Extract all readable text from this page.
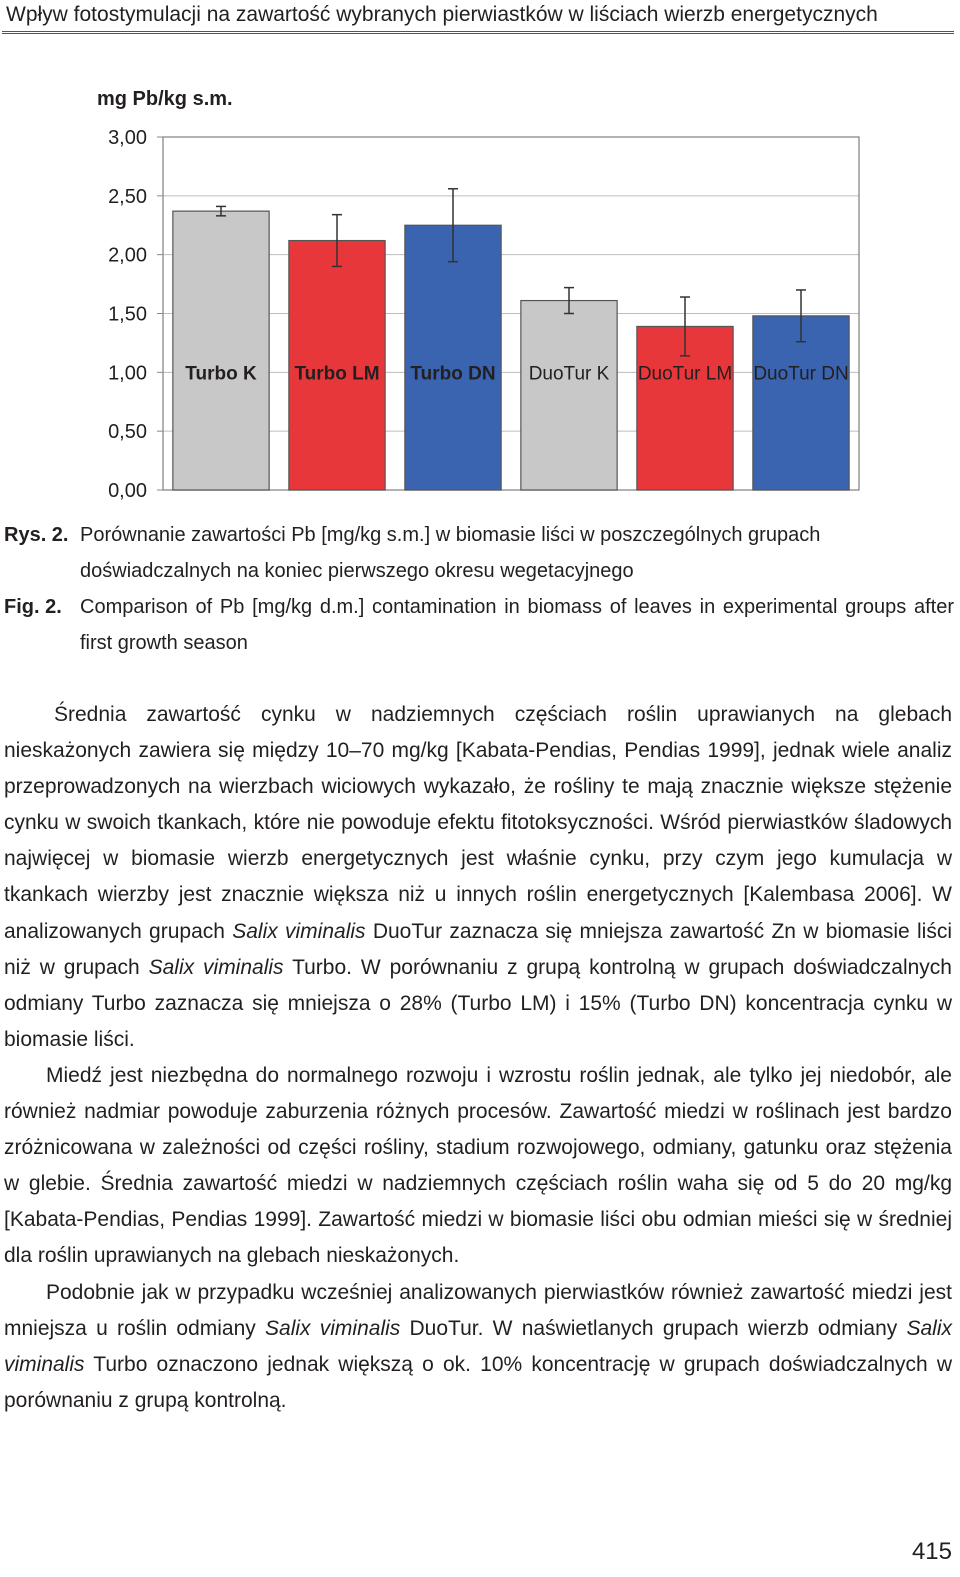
Wpływ fotostymulacji na zawartość wybranych pierwiastków w liściach wierzb energetycznych
mg Pb/kg s.m.
0,00
0,50
1,00
1,50
2,00
2,50
3,00
Turbo K Turbo LM Turbo DN DuoTur K DuoTur LM DuoTur DN
Rys. 2. Porównanie zawartości Pb [mg/kg s.m.] w biomasie liści w poszczególnych grupach doświadczalnych na koniec pierwszego okresu wegetacyjnego
Fig. 2. Comparison of Pb [mg/kg d.m.] contamination in biomass of leaves in experimental groups after first growth season

Średnia zawartość cynku w nadziemnych częściach roślin uprawianych na glebach nieskażonych zawiera się między 10–70 mg/kg [Kabata-Pendias, Pendias 1999], jednak wiele analiz przeprowadzonych na wierzbach wiciowych wykazało, że rośliny te mają znacznie większe stężenie cynku w swoich tkankach, które nie powoduje efektu fitotoksyczności. Wśród pierwiastków śladowych najwięcej w biomasie wierzb energetycznych jest właśnie cynku, przy czym jego kumulacja w tkankach wierzby jest znacznie większa niż u innych roślin energetycznych [Kalembasa 2006]. W analizowanych grupach Salix viminalis DuoTur zaznacza się mniejsza zawartość Zn w biomasie liści niż w grupach Salix viminalis Turbo. W porównaniu z grupą kontrolną w grupach doświadczalnych odmiany Turbo zaznacza się mniejsza o 28% (Turbo LM) i 15% (Turbo DN) koncentracja cynku w biomasie liści.

Miedź jest niezbędna do normalnego rozwoju i wzrostu roślin jednak, ale tylko jej niedobór, ale również nadmiar powoduje zaburzenia różnych procesów. Zawartość miedzi w roślinach jest bardzo zróżnicowana w zależności od części rośliny, stadium rozwojowego, odmiany, gatunku oraz stężenia w glebie. Średnia zawartość miedzi w nadziemnych częściach roślin waha się od 5 do 20 mg/kg [Kabata-Pendias, Pendias 1999]. Zawartość miedzi w biomasie liści obu odmian mieści się w średniej dla roślin uprawianych na glebach nieskażonych.

Podobnie jak w przypadku wcześniej analizowanych pierwiastków również zawartość miedzi jest mniejsza u roślin odmiany Salix viminalis DuoTur. W naświetlanych grupach wierzb odmiany Salix viminalis Turbo oznaczono jednak większą o ok. 10% koncentrację w grupach doświadczalnych w porównaniu z grupą kontrolną.

415
